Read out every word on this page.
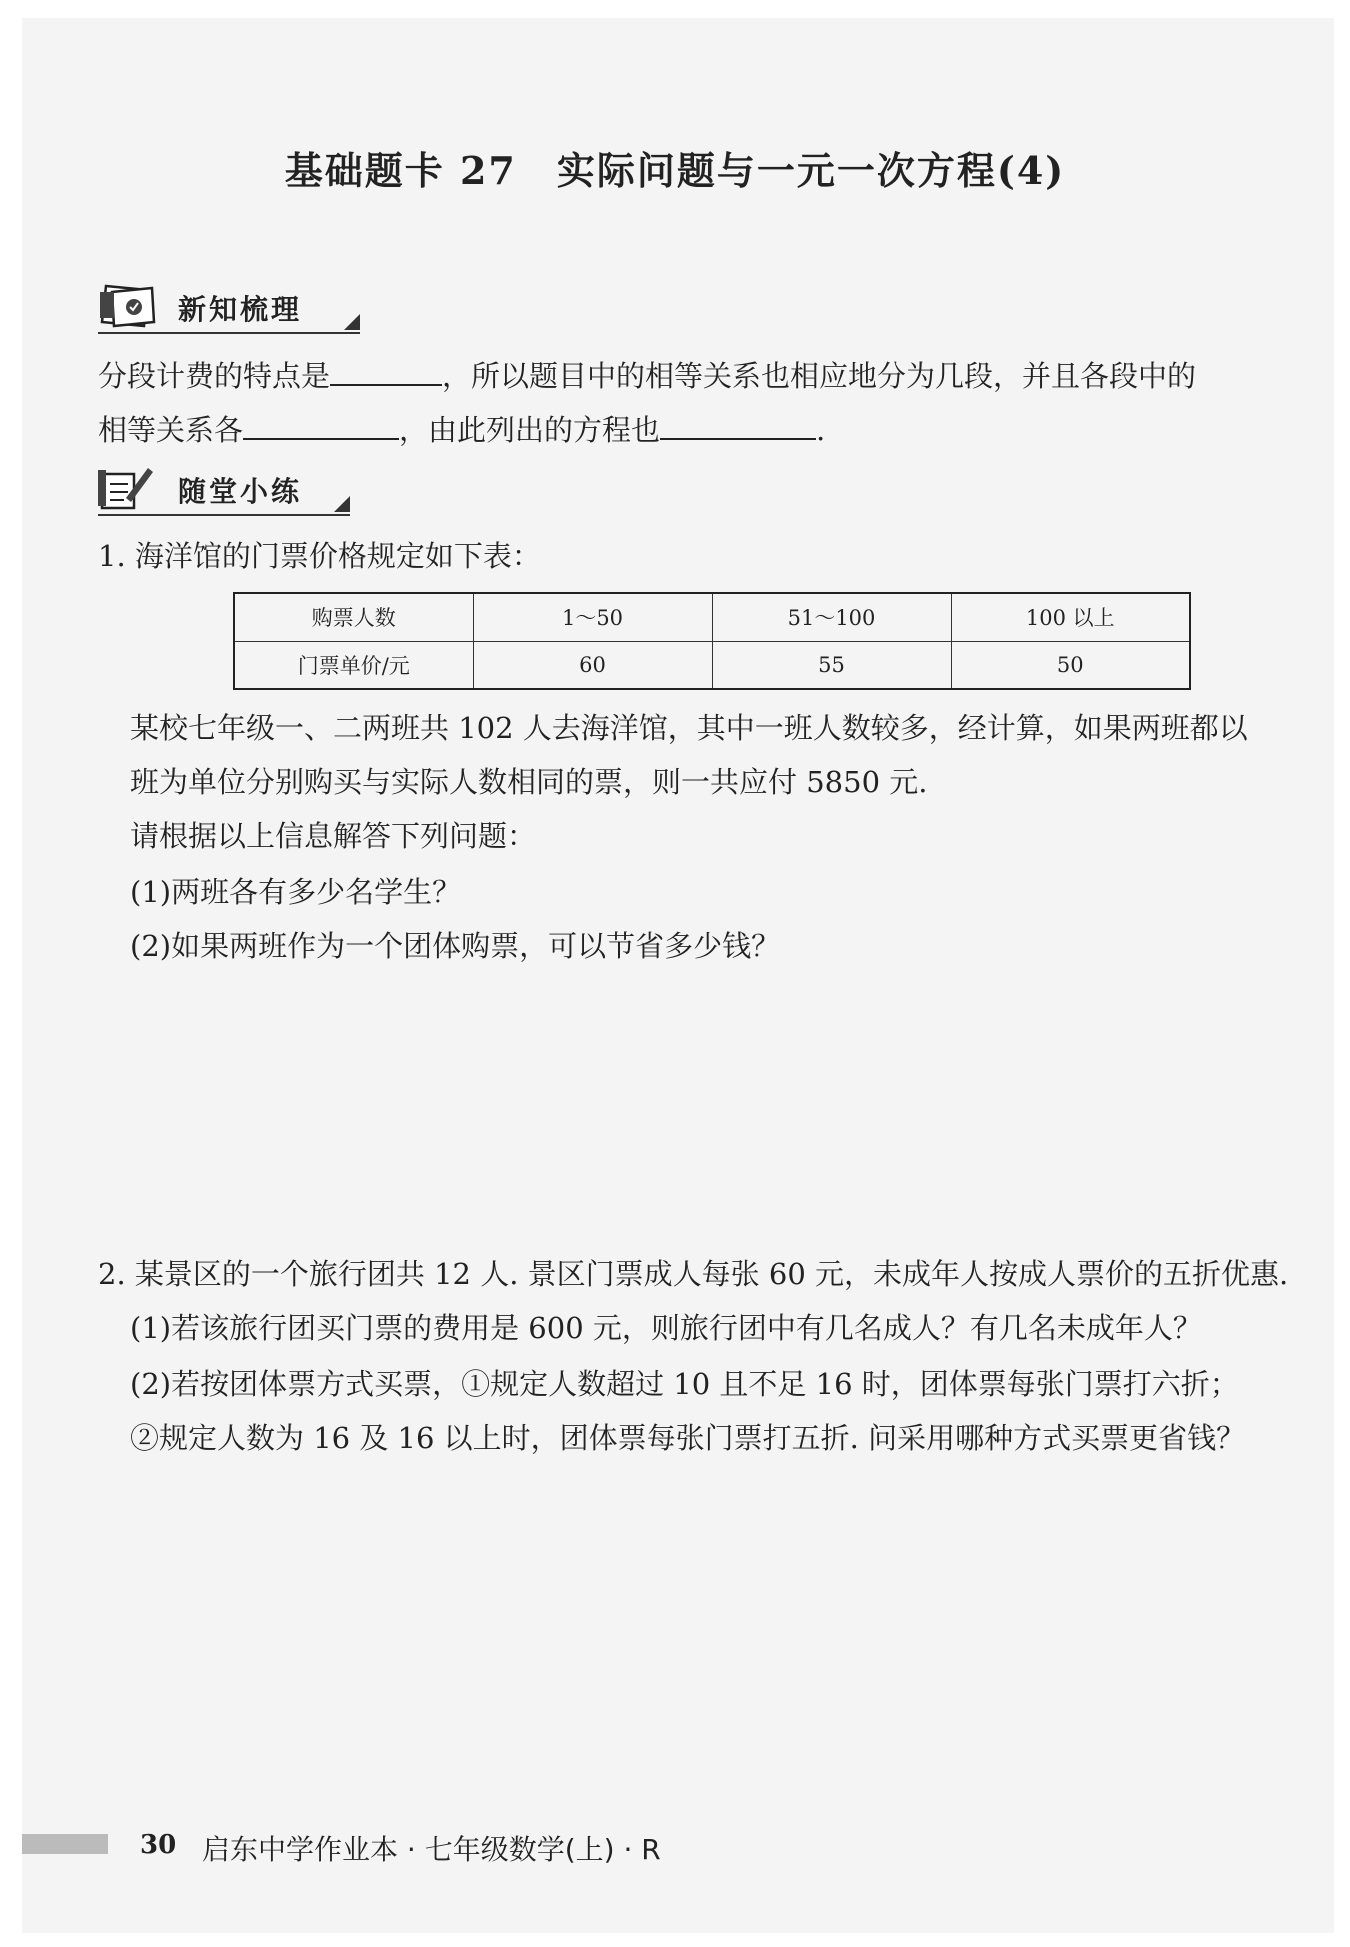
基础题卡 27　实际问题与一元一次方程(4)
新知梳理
分段计费的特点是	，所以题目中的相等关系也相应地分为几段，并且各段中的
相等关系各	，由此列出的方程也	.
随堂小练
1. 海洋馆的门票价格规定如下表：
购票人数	1～50	51～100	100 以上
门票单价/元	60	55	50
某校七年级一、二两班共 102 人去海洋馆，其中一班人数较多，经计算，如果两班都以
班为单位分别购买与实际人数相同的票，则一共应付 5850 元.
请根据以上信息解答下列问题：
(1)两班各有多少名学生？
(2)如果两班作为一个团体购票，可以节省多少钱？
2. 某景区的一个旅行团共 12 人. 景区门票成人每张 60 元，未成年人按成人票价的五折优惠.
(1)若该旅行团买门票的费用是 600 元，则旅行团中有几名成人？有几名未成年人？
(2)若按团体票方式买票，①规定人数超过 10 且不足 16 时，团体票每张门票打六折；
②规定人数为 16 及 16 以上时，团体票每张门票打五折. 问采用哪种方式买票更省钱？
30 启东中学作业本 · 七年级数学(上) · R
